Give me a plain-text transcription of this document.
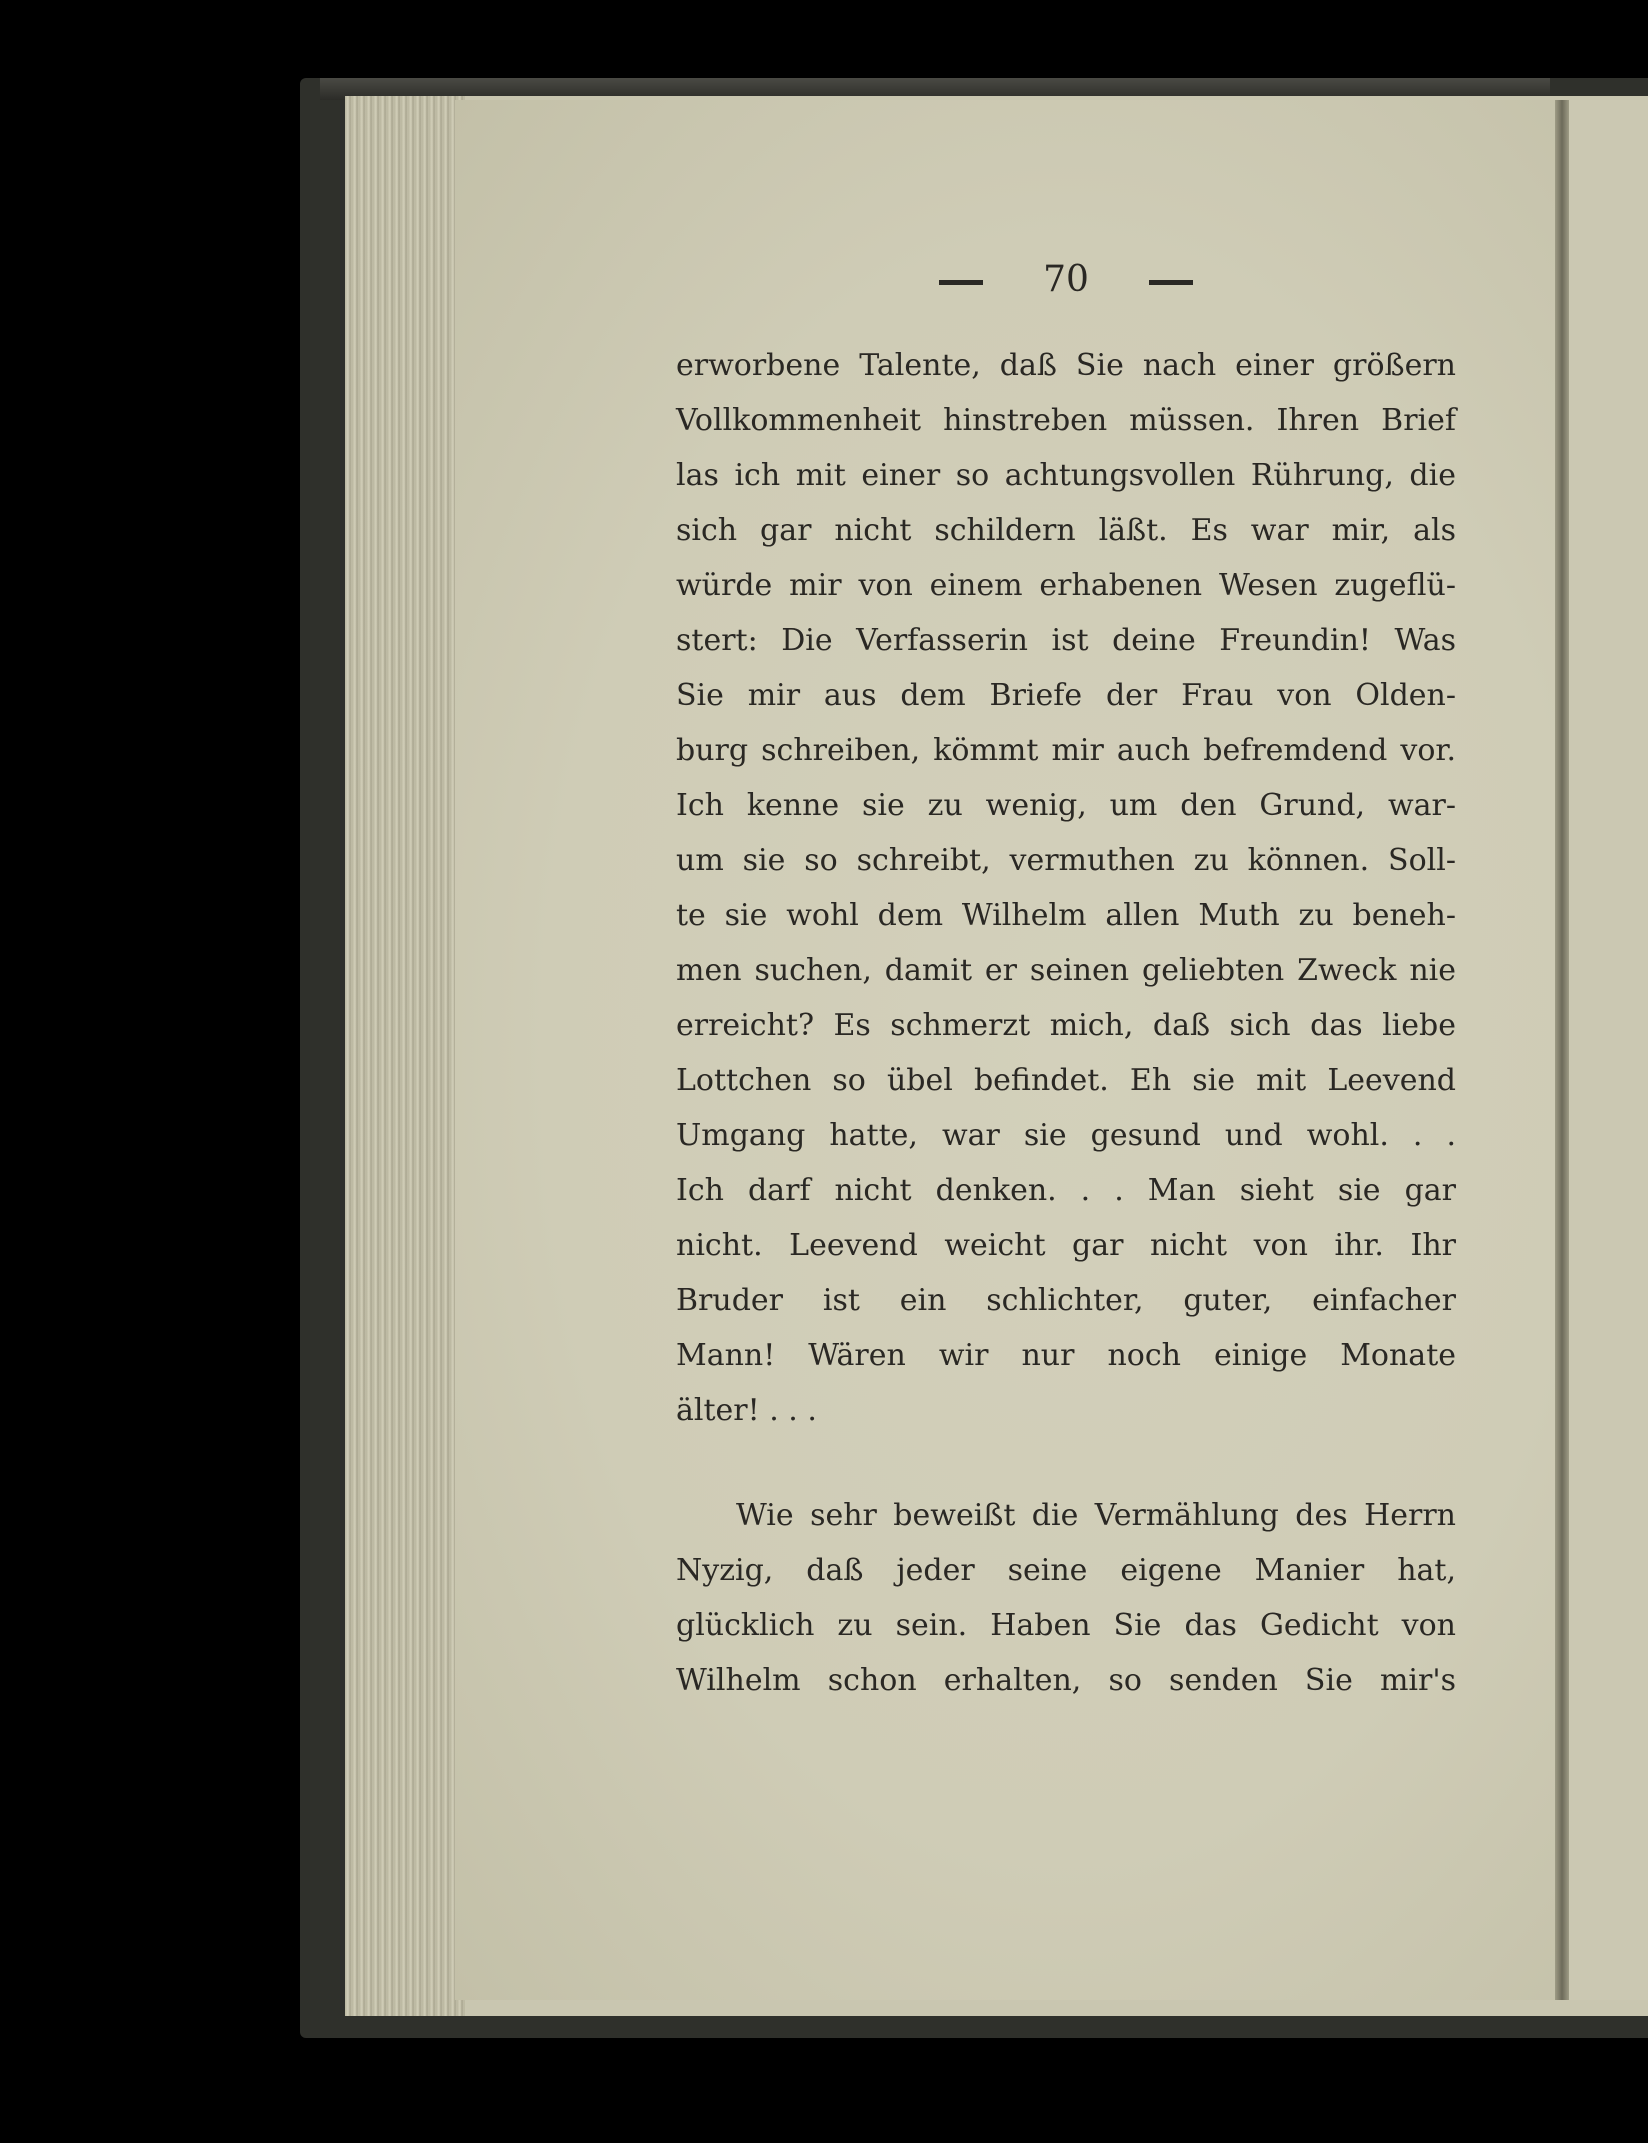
70
erworbene Talente, daß Sie nach einer größern
Vollkommenheit hinstreben müssen. Ihren Brief
las ich mit einer so achtungsvollen Rührung, die
sich gar nicht schildern läßt. Es war mir, als
würde mir von einem erhabenen Wesen zugeflü-
stert: Die Verfasserin ist deine Freundin! Was
Sie mir aus dem Briefe der Frau von Olden-
burg schreiben, kömmt mir auch befremdend vor.
Ich kenne sie zu wenig, um den Grund, war-
um sie so schreibt, vermuthen zu können. Soll-
te sie wohl dem Wilhelm allen Muth zu beneh-
men suchen, damit er seinen geliebten Zweck nie
erreicht? Es schmerzt mich, daß sich das liebe
Lottchen so übel befindet. Eh sie mit Leevend
Umgang hatte, war sie gesund und wohl. . .
Ich darf nicht denken. . . Man sieht sie gar
nicht. Leevend weicht gar nicht von ihr. Ihr
Bruder ist ein schlichter, guter, einfacher
Mann! Wären wir nur noch einige Monate
älter! . . .
Wie sehr beweißt die Vermählung des Herrn
Nyzig, daß jeder seine eigene Manier hat,
glücklich zu sein. Haben Sie das Gedicht von
Wilhelm schon erhalten, so senden Sie mir's
